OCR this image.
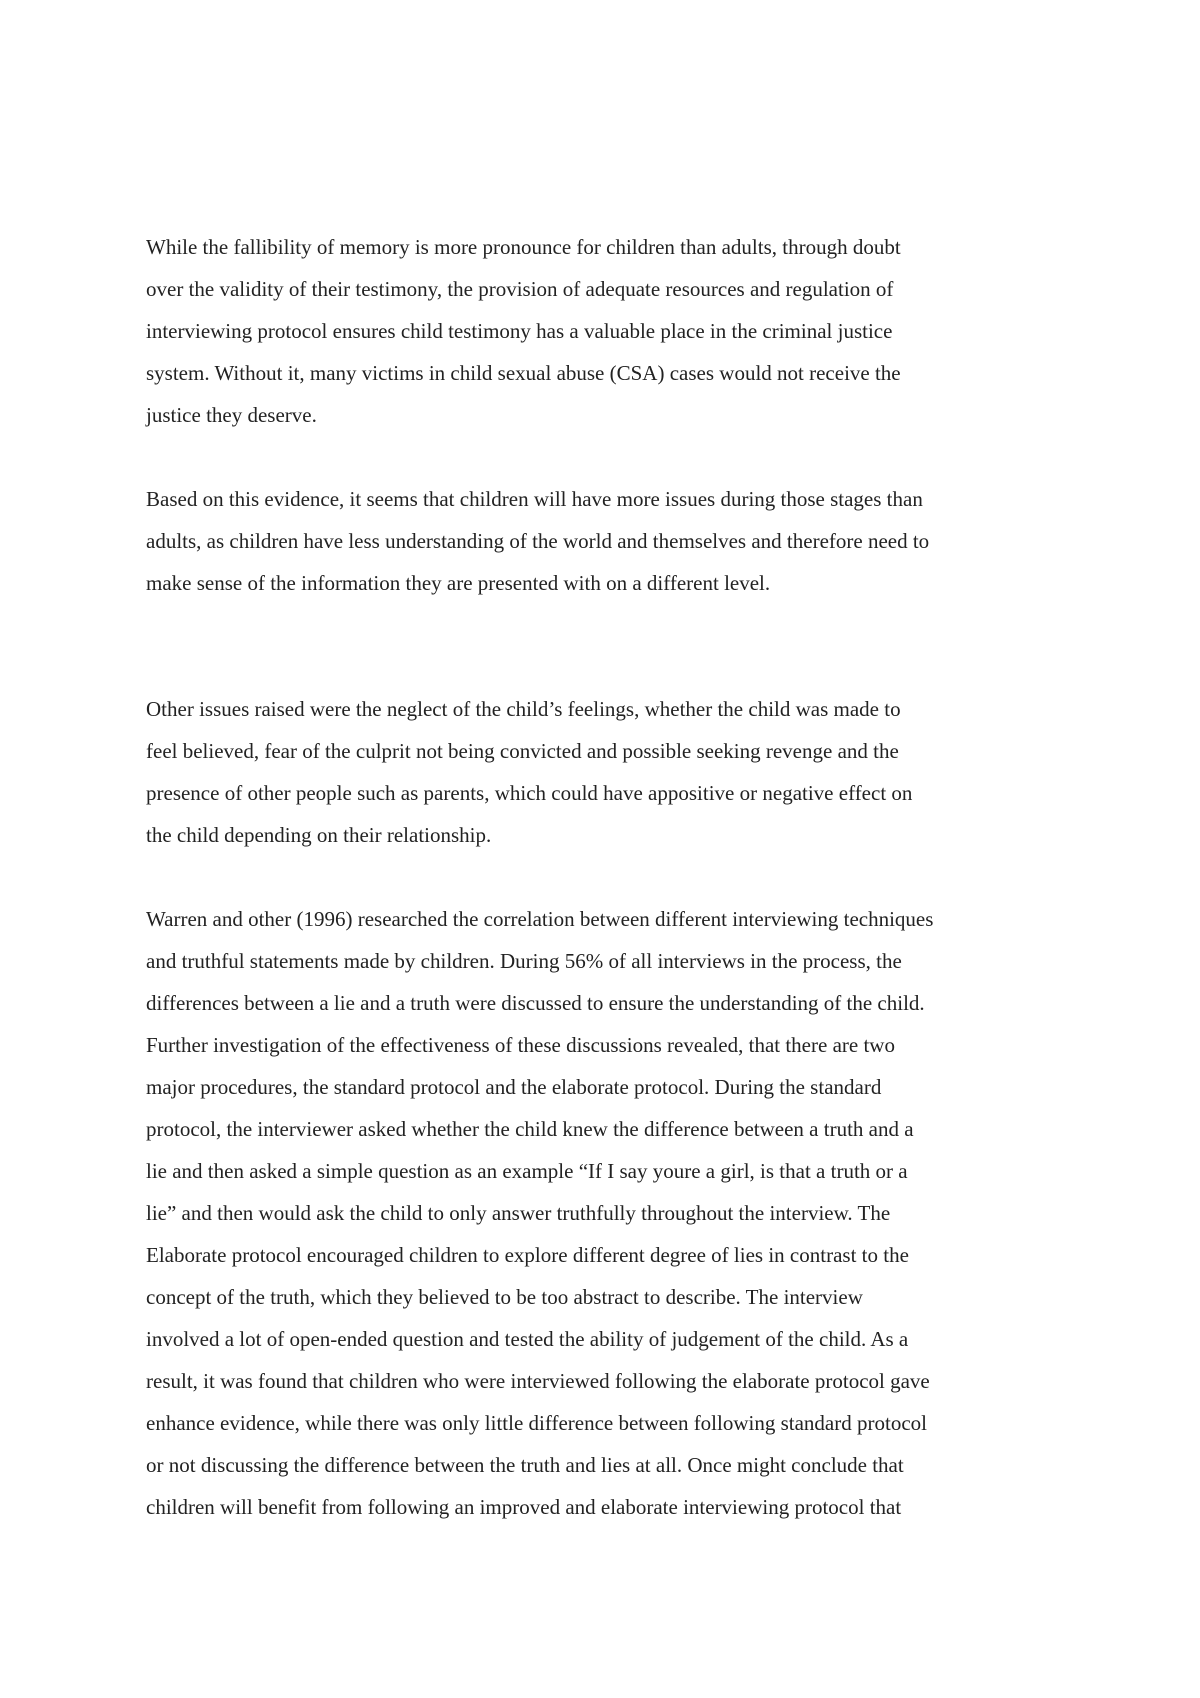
While the fallibility of memory is more pronounce for children than adults, through doubt
over the validity of their testimony, the provision of adequate resources and regulation of
interviewing protocol ensures child testimony has a valuable place in the criminal justice
system. Without it, many victims in child sexual abuse (CSA) cases would not receive the
justice they deserve.
Based on this evidence, it seems that children will have more issues during those stages than
adults, as children have less understanding of the world and themselves and therefore need to
make sense of the information they are presented with on a different level.
Other issues raised were the neglect of the child’s feelings, whether the child was made to
feel believed, fear of the culprit not being convicted and possible seeking revenge and the
presence of other people such as parents, which could have appositive or negative effect on
the child depending on their relationship.
Warren and other (1996) researched the correlation between different interviewing techniques
and truthful statements made by children. During 56% of all interviews in the process, the
differences between a lie and a truth were discussed to ensure the understanding of the child.
Further investigation of the effectiveness of these discussions revealed, that there are two
major procedures, the standard protocol and the elaborate protocol. During the standard
protocol, the interviewer asked whether the child knew the difference between a truth and a
lie and then asked a simple question as an example “If I say youre a girl, is that a truth or a
lie” and then would ask the child to only answer truthfully throughout the interview. The
Elaborate protocol encouraged children to explore different degree of lies in contrast to the
concept of the truth, which they believed to be too abstract to describe. The interview
involved a lot of open-ended question and tested the ability of judgement of the child. As a
result, it was found that children who were interviewed following the elaborate protocol gave
enhance evidence, while there was only little difference between following standard protocol
or not discussing the difference between the truth and lies at all. Once might conclude that
children will benefit from following an improved and elaborate interviewing protocol that
